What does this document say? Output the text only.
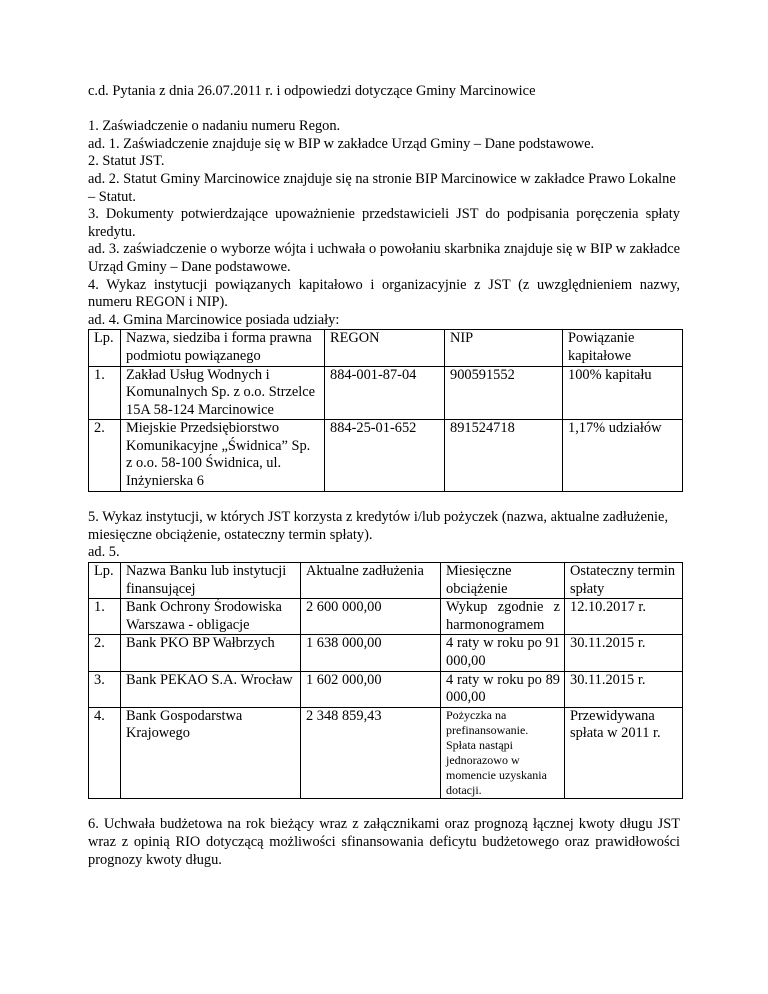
c.d. Pytania z dnia 26.07.2011 r. i odpowiedzi dotyczące Gminy Marcinowice

1. Zaświadczenie o nadaniu numeru Regon.

ad. 1. Zaświadczenie znajduje się w BIP w zakładce Urząd Gminy – Dane podstawowe.

2. Statut JST.

ad. 2. Statut Gminy Marcinowice znajduje się na stronie BIP Marcinowice w zakładce Prawo Lokalne – Statut.

3. Dokumenty potwierdzające upoważnienie przedstawicieli JST do podpisania poręczenia spłaty kredytu.

ad. 3. zaświadczenie o wyborze wójta i uchwała o powołaniu skarbnika znajduje się w BIP w zakładce Urząd Gminy – Dane podstawowe.

4. Wykaz instytucji powiązanych kapitałowo i organizacyjnie z JST (z uwzględnieniem nazwy, numeru REGON i NIP).

ad. 4. Gmina Marcinowice posiada udziały:

Lp.	Nazwa, siedziba i forma prawna podmiotu powiązanego	REGON	NIP	Powiązanie kapitałowe
1.	Zakład Usług Wodnych i Komunalnych Sp. z o.o. Strzelce 15A 58-124 Marcinowice	884-001-87-04	900591552	100% kapitału
2.	Miejskie Przedsiębiorstwo Komunikacyjne „Świdnica” Sp. z o.o. 58-100 Świdnica, ul. Inżynierska 6	884-25-01-652	891524718	1,17% udziałów

5. Wykaz instytucji, w których JST korzysta z kredytów i/lub pożyczek (nazwa, aktualne zadłużenie, miesięczne obciążenie, ostateczny termin spłaty).

ad. 5.

Lp.	Nazwa Banku lub instytucji finansującej	Aktualne zadłużenia	Miesięczne obciążenie	Ostateczny termin spłaty
1.	Bank Ochrony Środowiska Warszawa - obligacje	2 600 000,00	Wykup zgodnie z harmonogramem	12.10.2017 r.
2.	Bank PKO BP Wałbrzych	1 638 000,00	4 raty w roku po 91 000,00	30.11.2015 r.
3.	Bank PEKAO S.A. Wrocław	1 602 000,00	4 raty w roku po 89 000,00	30.11.2015 r.
4.	Bank Gospodarstwa Krajowego	2 348 859,43	Pożyczka na prefinansowanie. Spłata nastąpi jednorazowo w momencie uzyskania dotacji.	Przewidywana spłata w 2011 r.

6. Uchwała budżetowa na rok bieżący wraz z załącznikami oraz prognozą łącznej kwoty długu JST wraz z opinią RIO dotyczącą możliwości sfinansowania deficytu budżetowego oraz prawidłowości prognozy kwoty długu.
